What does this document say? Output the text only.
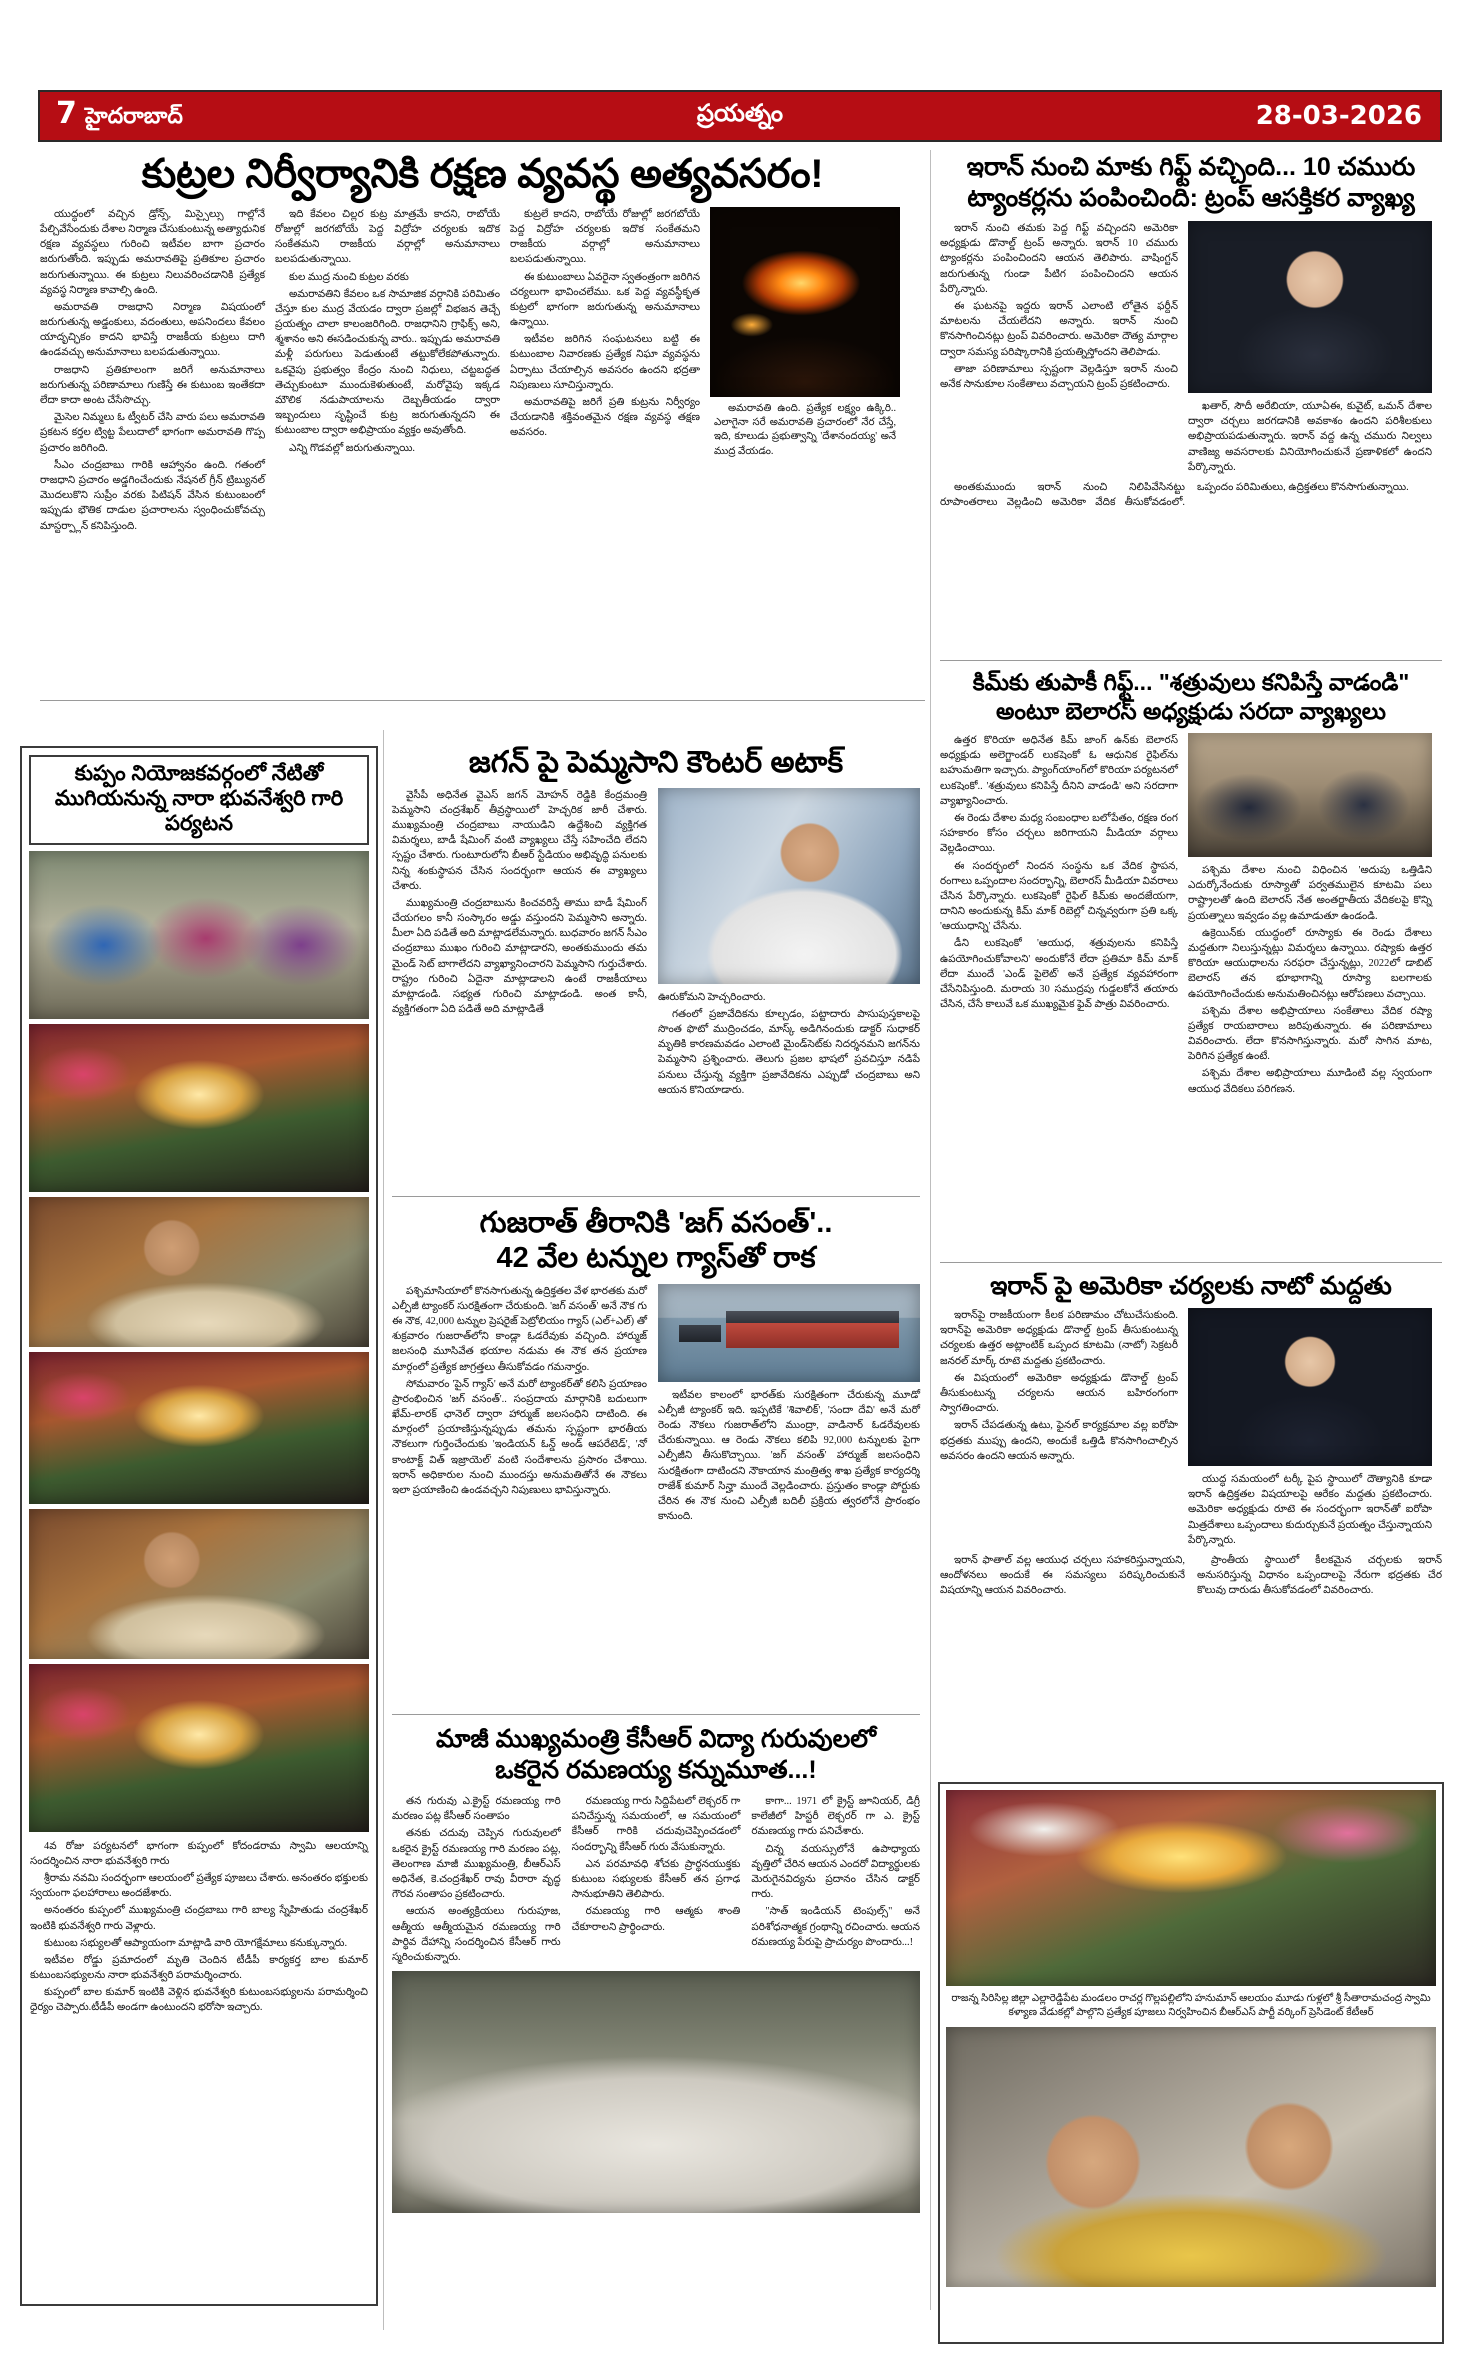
7 హైదరాబాద్	ప్రయత్నం	28-03-2026
కుట్రల నిర్వీర్యానికి రక్షణ వ్యవస్థ అత్యవసరం!

యుద్ధంలో వచ్చిన డ్రోన్స్, మిస్సైల్సు గాల్లోనే పేల్చివేసేందుకు దేశాల నిర్మాణ చేసుకుంటున్న అత్యాధునిక రక్షణ వ్యవస్థలు గురించి ఇటీవల బాగా ప్రచారం జరుగుతోంది. ఇప్పుడు అమరావతిపై ప్రతికూల ప్రచారం జరుగుతున్నాయి. ఈ కుట్రలు నిలువరించడానికి ప్రత్యేక వ్యవస్థ నిర్మాణ కావాల్సి ఉంది.

అమరావతి రాజధాని నిర్మాణ విషయంలో జరుగుతున్న అడ్డంకులు, వదంతులు, అపనిందలు కేవలం యాదృచ్ఛికం కాదని భావిస్తే రాజకీయ కుట్రలు దాగి ఉండవచ్చు అనుమానాలు బలపడుతున్నాయి.

రాజధాని ప్రతికూలంగా జరిగే అనుమానాలు జరుగుతున్న పరిణామాలు గుణిస్తే ఈ కుటుంబ ఇంతేకదా లేదా కాదా అంట చేసేసొచ్చు.

మైసెల నిమ్మలు ఓ ట్వీటర్ చేసి వారు పలు అమరావతి ప్రకటన కర్తల ట్విట్ట పేలుదాలో భాగంగా అమరావతి గొప్ప ప్రచారం జరిగింది.

సీఎం చంద్రబాబు గారికి ఆహ్వానం ఉంది. గతంలో రాజధాని ప్రచారం అడ్డగించేందుకు నేషనల్ గ్రీన్ ట్రిబ్యునల్ మొదలుకొని సుప్రీం వరకు పిటిషన్ వేసిన కుటుంబంలో ఇప్పుడు భౌతిక దాడుల ప్రచారాలను స్వంధించుకోవచ్చు మాస్టర్ప్లాన్ కనిపిస్తుంది.

ఇది కేవలం చిల్లర కుట్ర మాత్రమే కాదని, రాబోయే రోజుల్లో జరగబోయే పెద్ద విద్రోహ చర్యలకు ఇదొక సంకేతమని రాజకీయ వర్గాల్లో అనుమానాలు బలపడుతున్నాయి.

కుల ముద్ర నుంచి కుట్రల వరకు

అమరావతిని కేవలం ఒక సామాజిక వర్గానికి పరిమితం చేస్తూ కుల ముద్ర వేయడం ద్వారా ప్రజల్లో విభజన తెచ్చే ప్రయత్నం చాలా కాలంజరిగింది. రాజధానిని గ్రాఫిక్స్ అని, శ్మశానం అని ఈసడించుకున్న వారు.. ఇప్పుడు అమరావతి మళ్లీ పరుగులు పెడుతుంటే తట్టుకోలేకపోతున్నారు. ఒకవైపు ప్రభుత్వం కేంద్రం నుంచి నిధులు, చట్టబద్ధత తెచ్చుకుంటూ ముందుకెళుతుంటే, మరోవైపు ఇక్కడ మౌలిక నడుపాయాలను దెబ్బతీయడం ద్వారా ఇబ్బందులు సృష్టించే కుట్ర జరుగుతున్నదని ఈ కుటుంబాల ద్వారా అభిప్రాయం వ్యక్తం అవుతోంది.

ఎన్ని గొడవల్లో జరుగుతున్నాయి.

కుట్రలే కాదని, రాబోయే రోజుల్లో జరగబోయే పెద్ద విద్రోహ చర్యలకు ఇదొక సంకేతమని రాజకీయ వర్గాల్లో అనుమానాలు బలపడుతున్నాయి.

ఈ కుటుంబాలు ఏవరైనా స్వతంత్రంగా జరిగిన చర్యలుగా భావించలేము. ఒక పెద్ద వ్యవస్థీకృత కుట్రలో భాగంగా జరుగుతున్న అనుమానాలు ఉన్నాయి.

ఇటీవల జరిగిన సంఘటనలు బట్టి ఈ కుటుంబాల నివారణకు ప్రత్యేక నిఘా వ్యవస్థను ఏర్పాటు చేయాల్సిన అవసరం ఉందని భద్రతా నిపుణులు సూచిస్తున్నారు.

అమరావతిపై జరిగే ప్రతి కుట్రను నిర్వీర్యం చేయడానికి శక్తివంతమైన రక్షణ వ్యవస్థ తక్షణ అవసరం.

అమరావతి ఉంది. ప్రత్యేక లక్ష్యం ఉక్కిరి.. ఎలాగైనా సరే అమరావతి ప్రచారంలో నేర చేస్తే, ఇది, కూలుడు ప్రభుత్వాన్ని 'దేశానందయ్య' అనే ముద్ర వేయడం.
ఇరాన్ నుంచి మాకు గిఫ్ట్ వచ్చింది... 10 చమురు ట్యాంకర్లను పంపించింది: ట్రంప్ ఆసక్తికర వ్యాఖ్య

ఇరాన్ నుంచి తమకు పెద్ద గిఫ్ట్ వచ్చిందని అమెరికా అధ్యక్షుడు డొనాల్డ్ ట్రంప్ అన్నారు. ఇరాన్ 10 చమురు ట్యాంకర్లను పంపించిందని ఆయన తెలిపారు. వాషింగ్టన్ జరుగుతున్న గుండా పీటిగ పంపించిందని ఆయన పేర్కొన్నారు.

ఈ ఘటనపై ఇద్దరు ఇరాన్ ఎలాంటి లోతైన ఫర్దీన్ మాటలను చేయలేదని అన్నారు. ఇరాన్ నుంచి కొనసాగించినట్లు ట్రంప్ వివరించారు. అమెరికా దౌత్య మార్గాల ద్వారా సమస్య పరిష్కారానికి ప్రయత్నిస్తోందని తెలిపాడు.

తాజా పరిణామాలు స్పష్టంగా వెల్లడిస్తూ ఇరాన్ నుంచి అనేక సానుకూల సంకేతాలు వచ్చాయని ట్రంప్ ప్రకటించారు.

ఖతార్, సౌదీ అరేబియా, యూఏఈ, కువైట్, ఒమన్ దేశాల ద్వారా చర్చలు జరగడానికి అవకాశం ఉందని పరిశీలకులు అభిప్రాయపడుతున్నారు. ఇరాన్ వద్ద ఉన్న చమురు నిల్వలు వాణిజ్య అవసరాలకు వినియోగించుకునే ప్రణాళికలో ఉందని పేర్కొన్నారు.

అంతకుముందు ఇరాన్ నుంచి నిలిపివేసినట్టు రూపాంతరాలు వెల్లడించి అమెరికా వేదిక తీసుకోవడంలో. ఒప్పందం పరిమితులు, ఉద్రిక్తతలు కొనసాగుతున్నాయి.

కిమ్‌కు తుపాకీ గిఫ్ట్... "శత్రువులు కనిపిస్తే వాడండి"
అంటూ బెలారస్ అధ్యక్షుడు సరదా వ్యాఖ్యలు

ఉత్తర కొరియా అధినేత కిమ్ జాంగ్ ఉన్‌కు బెలారస్ అధ్యక్షుడు అలెగ్జాండర్ లుకషెంకో ఓ ఆధునిక రైఫిల్‌ను బహుమతిగా ఇచ్చారు. ప్యాంగ్‌యాంగ్‌లో కొరియా పర్యటనలో లుకషెంకో.. 'శత్రువులు కనిపిస్తే దీనిని వాడండి' అని సరదాగా వ్యాఖ్యానించారు.

ఈ రెండు దేశాల మధ్య సంబంధాల బలోపేతం, రక్షణ రంగ సహకారం కోసం చర్చలు జరిగాయని మీడియా వర్గాలు వెల్లడించాయి.

ఈ సందర్భంలో నిందన సంస్థను ఒక వేదిక స్థాపన, రంగాలు ఒప్పందాల సందర్భాన్ని, బెలారస్ మీడియా వివరాలు చేసిన పేర్కొన్నారు. లుకషెంకో రైఫిల్ కిమ్‌కు అందజేయగా, దానిని అందుకున్న కిమ్ మాక్ రిబెల్లో చిన్నవ్వరుగా ప్రతి ఒక్క 'ఆయుధాన్ని' చేసేను.

డీని లుకషెంకో 'ఆయుధ, శత్రువులను కనిపిస్తే ఉపయోగించుకోవాలని' అందుకోనే లేదా ప్రతిమా కిమ్ మాక్ లేదా ముందే 'ఎండ్ పైలెట్' అనే ప్రత్యేక వ్యవహారంగా చేసేనిపిస్తుంది. మరాయ 30 సముద్రపు గుడ్డలకోనే తయారు చేసిన, చేసే కాలువే ఒక ముఖ్యమైక ఫైవ్ పాత్రు వివరించారు.

పశ్చిమ దేశాల నుంచి విధించిన 'అదుపు ఒత్తిడిని ఎదుర్కోనేందుకు రూస్యాతో పర్వతములైన కూటమి పలు రాష్ట్రాలతో ఉంది బెలారస్ నేత అంతర్జాతీయ వేదికలపై కొన్ని ప్రయత్నాలు ఇవ్వడం వల్ల ఉమాడుతూ ఉండండి.

ఉక్రెయిన్‌కు యుద్ధంలో రూస్యాకు ఈ రెండు దేశాలు మద్దతుగా నిలుస్తున్నట్లు విమర్శలు ఉన్నాయి. రష్యాకు ఉత్తర కొరియా ఆయుధాలను సరఫరా చేస్తున్నట్లు, 2022లో డాబిట్ బెలారస్ తన భూభాగాన్ని రూస్యా బలగాలకు ఉపయోగించేందుకు అనుమతించినట్లు ఆరోపణలు వచ్చాయి.

పశ్చిమ దేశాల అభిప్రాయాలు సంకేతాలు వేదిక రష్యా ప్రత్యేక రాయబారాలు జరిపుతున్నారు. ఈ పరిణామాలు వివరించారు. లేదా కొనసాగిస్తున్నారు. మరో సాగిన మాట, పెరిగిన ప్రత్యేక ఉంటే.

పశ్చిమ దేశాల అభిప్రాయాలు మూడింటి వల్ల స్వయంగా ఆయుధ వేదికలు పరిగణన.

ఇరాన్ పై అమెరికా చర్యలకు నాటో మద్దతు

ఇరాన్‌పై రాజకీయంగా కీలక పరిణామం చోటుచేసుకుంది. ఇరాన్‌పై అమెరికా అధ్యక్షుడు డొనాల్డ్ ట్రంప్ తీసుకుంటున్న చర్యలకు ఉత్తర అట్లాంటిక్ ఒప్పంద కూటమి (నాటో) సెక్రటరీ జనరల్ మార్క్ రూటె మద్దతు ప్రకటించారు.

ఈ విషయంలో అమెరికా అధ్యక్షుడు డొనాల్డ్ ట్రంప్ తీసుకుంటున్న చర్యలను ఆయన బహిరంగంగా స్వాగతించారు.

ఇరాన్ చేపడతున్న ఉటు, ఫైనల్ కార్యక్రమాల వల్ల ఐరోపా భద్రతకు ముప్పు ఉందని, అందుకే ఒత్తిడి కొనసాగించాల్సిన అవసరం ఉందని ఆయన అన్నారు.

యుద్ధ సమయంలో టర్కీ పైప స్థాయిలో దౌత్యానికి కూడా ఇరాన్ ఉద్రిక్తతల విషయాలపై ఆరేకం మద్దతు ప్రకటించారు. అమెరికా అధ్యక్షుడు రూటె ఈ సందర్భంగా ఇరాన్‌తో ఐరోపా మిత్రదేశాలు ఒప్పందాలు కుదుర్చుకునే ప్రయత్నం చేస్తున్నాయని పేర్కొన్నారు.

ఇరాన్ ఫాతాల్ వల్ల ఆయుధ చర్చలు సహకరిస్తున్నాయని, ఆందోళనలు అందుకే ఈ సమస్యలు పరిష్కరించుకునే విషయాన్ని ఆయన వివరించారు.

ప్రాంతీయ స్థాయిలో కీలకమైన చర్చలకు ఇరాన్ అనుసరిస్తున్న విధానం ఒప్పందాలపై నేరుగా భద్రతకు చేర కొలువు దారుడు తీసుకోవడంలో వివరించారు.

రాజన్న సిరిసిల్ల జిల్లా ఎల్లారెడ్డిపేట మండలం రాచర్ల గొల్లపల్లిలోని హనుమాన్ ఆలయం మూడు గుళ్లలో శ్రీ సీతారామచంద్ర స్వామి కళ్యాణ వేడుకల్లో పాల్గొని ప్రత్యేక పూజలు నిర్వహించిన బీఆర్ఎస్ పార్టీ వర్కింగ్ ప్రెసిడెంట్ కేటీఆర్
కుప్పం నియోజకవర్గంలో నేటితో
ముగియనున్న నారా భువనేశ్వరి గారి పర్యటన

4వ రోజు పర్యటనలో భాగంగా కుప్పంలో కోదండరామ స్వామి ఆలయాన్ని సందర్శించిన నారా భువనేశ్వరి గారు

శ్రీరామ నవమి సందర్భంగా ఆలయంలో ప్రత్యేక పూజలు చేశారు. అనంతరం భక్తులకు స్వయంగా ఫలహారాలు అందజేశారు.

అనంతరం కుప్పంలో ముఖ్యమంత్రి చంద్రబాబు గారి బాల్య స్నేహితుడు చంద్రశేఖర్ ఇంటికి భువనేశ్వరి గారు వెళ్లారు.

కుటుంబ సభ్యులతో ఆప్యాయంగా మాట్లాడి వారి యోగక్షేమాలు కనుక్కున్నారు.

ఇటీవల రోడ్డు ప్రమాదంలో మృతి చెందిన టీడీపీ కార్యకర్త బాల కుమార్ కుటుంబసభ్యులను నారా భువనేశ్వరి పరామర్శించారు.

కుప్పంలో బాల కుమార్ ఇంటికి వెళ్లిన భువనేశ్వరి కుటుంబసభ్యులను పరామర్శించి ధైర్యం చెప్పారు.టీడీపీ అండగా ఉంటుందని భరోసా ఇచ్చారు.

జగన్ పై పెమ్మసాని కౌంటర్ అటాక్

వైసీపీ అధినేత వైఎస్ జగన్ మోహన్ రెడ్డికి కేంద్రమంత్రి పెమ్మసాని చంద్రశేఖర్ తీవ్రస్థాయిలో హెచ్చరిక జారీ చేశారు. ముఖ్యమంత్రి చంద్రబాబు నాయుడిని ఉద్దేశించి వ్యక్తిగత విమర్శలు, బాడీ షేమింగ్ వంటి వ్యాఖ్యలు చేస్తే సహించేది లేదని స్పష్టం చేశారు. గుంటూరులోని బీఆర్ స్టేడియం అభివృద్ధి పనులకు నిన్న శంకుస్థాపన చేసిన సందర్భంగా ఆయన ఈ వ్యాఖ్యలు చేశారు.

ముఖ్యమంత్రి చంద్రబాబును కించవరిస్తే తాము బాడీ షేమింగ్ చేయగలం కానీ సంస్కారం అడ్డు వస్తుందని పెమ్మసాని అన్నారు. మీలా ఏది పడితే అది మాట్లాడలేమన్నారు. బుధవారం జగన్ సీఎం చంద్రబాబు ముఖం గురించి మాట్లాడారని, అంతకుముందు తమ మైండ్ సెట్ బాగాలేదని వ్యాఖ్యానించారని పెమ్మసాని గుర్తుచేశారు. రాష్ట్రం గురించి ఏదైనా మాట్లాడాలని ఉంటే రాజకీయాలు మాట్లాడండి. సభ్యత గురించి మాట్లాడండి. అంత కానీ, వ్యక్తిగతంగా ఏది పడితే అది మాట్లాడితే

ఊరుకోమని హెచ్చరించారు.

గతంలో ప్రజావేదికను కూల్చడం, పట్టాదారు పాసుపుస్తకాలపై సొంత ఫొటో ముద్రించడం, మాస్క్ అడిగినందుకు డాక్టర్ సుధాకర్ మృతికి కారణమవడం ఎలాంటి మైండ్‌సెట్‌కు నిదర్శనమని జగన్‌ను పెమ్మసాని ప్రశ్నించారు. తెలుగు ప్రజల భాషలో ప్రవచిస్తూ నడిపే పనులు చేస్తున్న వ్యక్తిగా ప్రజావేదికను ఎప్పుడో చంద్రబాబు అని ఆయన కొనియాడారు.

గుజరాత్ తీరానికి 'జగ్ వసంత్'..
42 వేల టన్నుల గ్యాస్‌తో రాక

పశ్చిమాసియాలో కొనసాగుతున్న ఉద్రిక్తతల వేళ భారతకు మరో ఎల్పీజీ ట్యాంకర్ సురక్షితంగా చేరుకుంది. 'జగ్ వసంత్' అనే నౌక గు ఈ నౌక, 42,000 టన్నుల ప్రెషరైజ్ పెట్రోలియం గ్యాస్ (ఎల్‌+ఎల్) తో శుక్రవారం గుజరాత్‌లోని కాండ్లా ఓడరేవుకు వచ్చింది. హార్ముజ్ జలసంధి మూసివేత భయాల నడుమ ఈ నౌక తన ప్రయాణ మార్గంలో ప్రత్యేక జాగ్రత్తలు తీసుకోవడం గమనార్హం.

సోమవారం 'పైన్ గ్యాస్' అనే మరో ట్యాంకర్‌తో కలిసి ప్రయాణం ప్రారంభించిన 'జగ్ వసంత్'.. సంప్రదాయ మార్గానికి బదులుగా ఖేమ్‌-లారక్ ఛానెల్ ద్వారా హార్ముజ్ జలసంధిని దాటింది. ఈ మార్గంలో ప్రయాణిస్తున్నప్పుడు తమను స్పష్టంగా భారతీయ నౌకలుగా గుర్తించేందుకు 'ఇండియన్ ఓన్డ్ అండ్ ఆపరేటెడ్', 'నో కాంటాక్ట్ విత్ ఇజ్రాయెల్' వంటి సందేశాలను ప్రసారం చేశాయి. ఇరాన్ అధికారుల నుంచి ముందస్తు అనుమతితోనే ఈ నౌకలు ఇలా ప్రయాణించి ఉండవచ్చని నిపుణులు భావిస్తున్నారు.

ఇటీవల కాలంలో భారత్‌కు సురక్షితంగా చేరుకున్న మూడో ఎల్పీజీ ట్యాంకర్ ఇది. ఇప్పటికే 'శివాలిక్', 'సందా దేవి' అనే మరో రెండు నౌకలు గుజరాత్‌లోని ముంద్రా, వాడినార్ ఓడరేవులకు చేరుకున్నాయి. ఆ రెండు నౌకలు కలిపి 92,000 టన్నులకు పైగా ఎల్పీజీని తీసుకొచ్చాయి. 'జగ్ వసంత్' హార్ముజ్ జలసంధిని సురక్షితంగా దాటిందని నౌకాయాన మంత్రిత్వ శాఖ ప్రత్యేక కార్యదర్శి రాజేశ్ కుమార్ సిన్హా ముందే వెల్లడించారు. ప్రస్తుతం కాండ్లా పోర్టుకు చేరిన ఈ నౌక నుంచి ఎల్పీజీ బదిలీ ప్రక్రియ త్వరలోనే ప్రారంభం కానుంది.

మాజీ ముఖ్యమంత్రి కేసీఆర్ విద్యా గురువులలో
ఒకరైన రమణయ్య కన్నుమూత...!

తన గురువు ఎ.క్రైస్ట్ రమణయ్య గారి మరణం పట్ల కేసీఆర్ సంతాపం

తనకు చదువు చెప్పిన గురువులలో ఒకరైన క్రైస్ట్ రమణయ్య గారి మరణం పట్ల, తెలంగాణ మాజీ ముఖ్యమంత్రి, బీఆర్ఎస్ అధినేత, కె.చంద్రశేఖర్ రావు వీరారా వృద్ధ గౌరవ సంతాపం ప్రకటించారు.

ఆయన అంత్యక్రియలు గురుపూజ, ఆత్మీయ ఆత్మీయమైన రమణయ్య గారి పార్థివ దేహాన్ని సందర్శించిన కేసీఆర్ గారు స్మరించుకున్నారు.

రమణయ్య గారు సిద్దిపేటలో లెక్చరర్ గా పనిచేస్తున్న సమయంలో, ఆ సమయంలో కేసీఆర్ గారికి చదువుచెప్పించడంలో సందర్భాన్ని కేసీఆర్ గురు వేసుకున్నారు.

ఎన పరమావధి శోచకు ప్రార్థనయుక్తకు కుటుంబ సభ్యులకు కేసీఆర్ తన ప్రగాఢ సానుభూతిని తెలిపారు.

రమణయ్య గారి ఆత్మకు శాంతి చేకూరాలని ప్రార్థించారు.

కాగా... 1971 లో క్రైస్ట్ జూనియర్, డిగ్రీ కాలేజీలో హిస్టరీ లెక్చరర్ గా ఎ. క్రైస్ట్ రమణయ్య గారు పనిచేశారు.

చిన్న వయస్సులోనే ఉపాధ్యాయ వృత్తిలో చేరిన ఆయన ఎందరో విద్యార్థులకు మెరుగైనవిద్యను ప్రదానం చేసిన డాక్టర్ గారు.

"సాత్ ఇండియన్ టెంపుల్స్" అనే పరిశోధనాత్మక గ్రంథాన్ని రచించారు. ఆయన రమణయ్య పేరుపై ప్రాచుర్యం పొందారు...!
